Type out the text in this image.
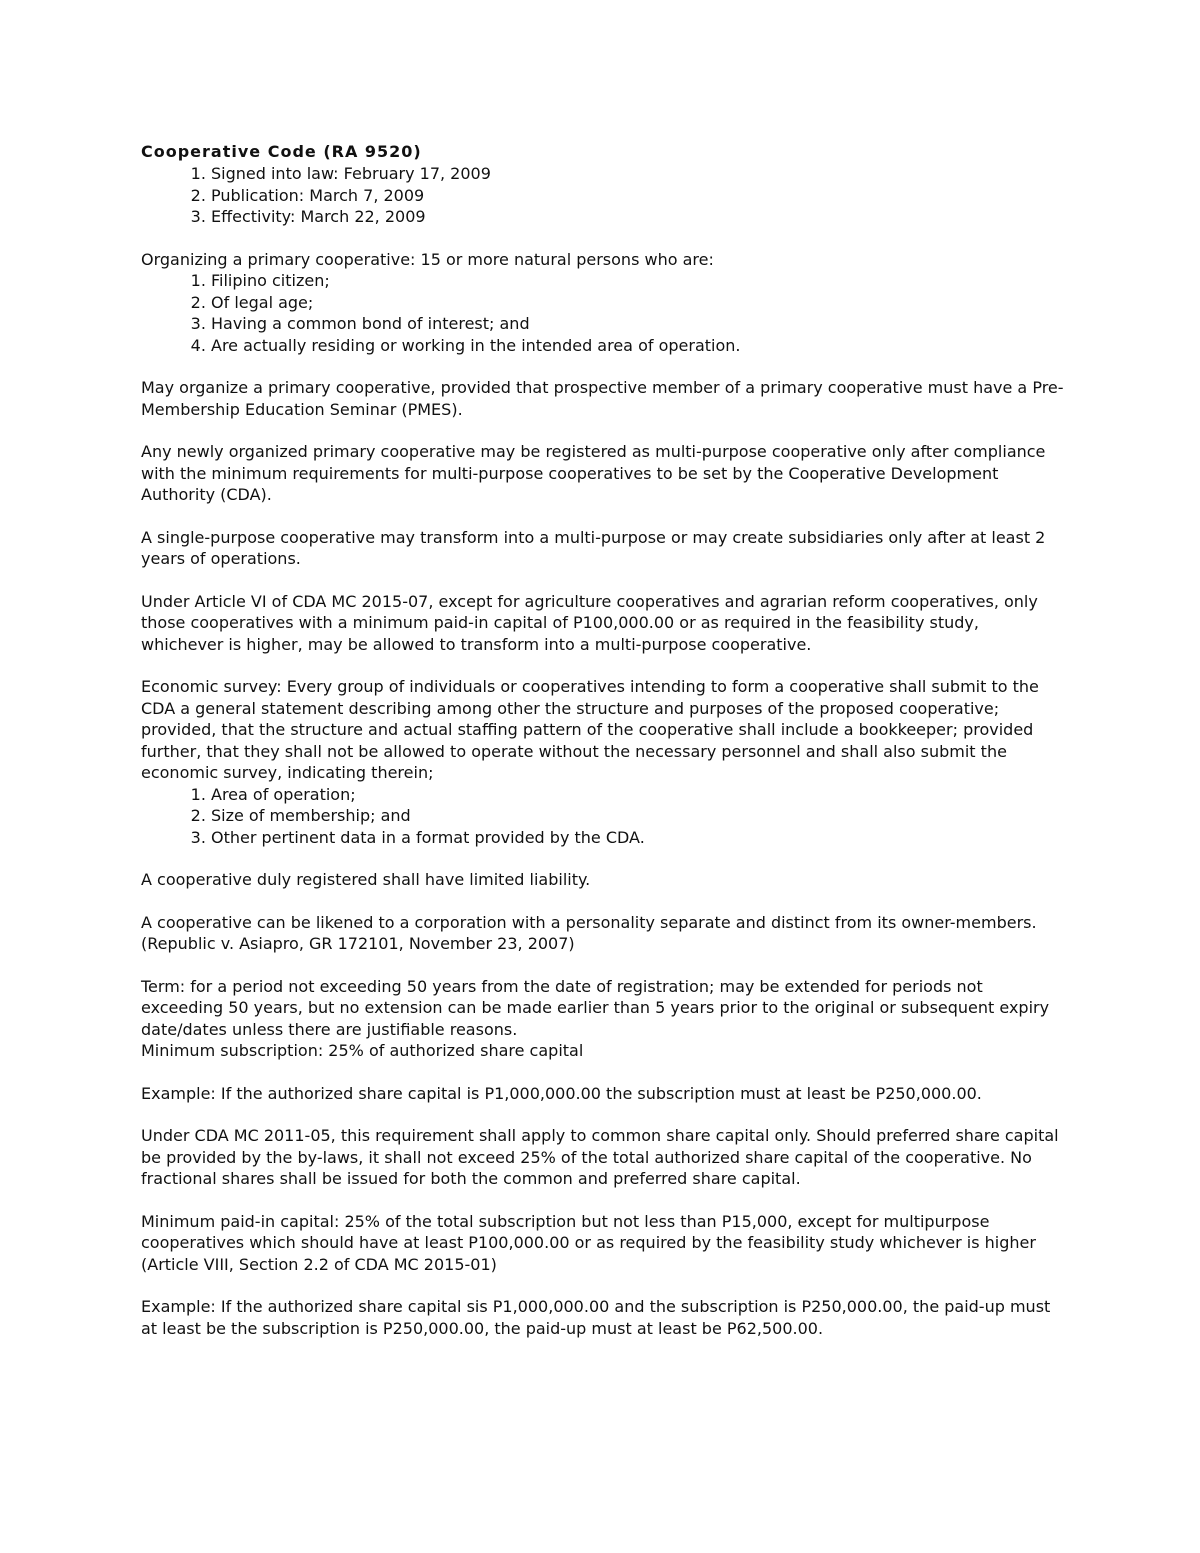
Cooperative Code (RA 9520)
1. Signed into law: February 17, 2009
2. Publication: March 7, 2009
3. Effectivity: March 22, 2009

Organizing a primary cooperative: 15 or more natural persons who are:

1. Filipino citizen;
2. Of legal age;
3. Having a common bond of interest; and
4. Are actually residing or working in the intended area of operation.

May organize a primary cooperative, provided that prospective member of a primary cooperative must have a Pre-Membership Education Seminar (PMES).

Any newly organized primary cooperative may be registered as multi-purpose cooperative only after compliance with the minimum requirements for multi-purpose cooperatives to be set by the Cooperative Development Authority (CDA).

A single-purpose cooperative may transform into a multi-purpose or may create subsidiaries only after at least 2 years of operations.

Under Article VI of CDA MC 2015-07, except for agriculture cooperatives and agrarian reform cooperatives, only those cooperatives with a minimum paid-in capital of P100,000.00 or as required in the feasibility study, whichever is higher, may be allowed to transform into a multi-purpose cooperative.

Economic survey: Every group of individuals or cooperatives intending to form a cooperative shall submit to the CDA a general statement describing among other the structure and purposes of the proposed cooperative; provided, that the structure and actual staffing pattern of the cooperative shall include a bookkeeper; provided further, that they shall not be allowed to operate without the necessary personnel and shall also submit the economic survey, indicating therein;

1. Area of operation;
2. Size of membership; and
3. Other pertinent data in a format provided by the CDA.

A cooperative duly registered shall have limited liability.

A cooperative can be likened to a corporation with a personality separate and distinct from its owner-members. (Republic v. Asiapro, GR 172101, November 23, 2007)

Term: for a period not exceeding 50 years from the date of registration; may be extended for periods not exceeding 50 years, but no extension can be made earlier than 5 years prior to the original or subsequent expiry date/dates unless there are justifiable reasons.

Minimum subscription: 25% of authorized share capital

Example: If the authorized share capital is P1,000,000.00 the subscription must at least be P250,000.00.

Under CDA MC 2011-05, this requirement shall apply to common share capital only. Should preferred share capital be provided by the by-laws, it shall not exceed 25% of the total authorized share capital of the cooperative. No fractional shares shall be issued for both the common and preferred share capital.

Minimum paid-in capital: 25% of the total subscription but not less than P15,000, except for multipurpose cooperatives which should have at least P100,000.00 or as required by the feasibility study whichever is higher (Article VIII, Section 2.2 of CDA MC 2015-01)

Example: If the authorized share capital sis P1,000,000.00 and the subscription is P250,000.00, the paid-up must at least be the subscription is P250,000.00, the paid-up must at least be P62,500.00.
